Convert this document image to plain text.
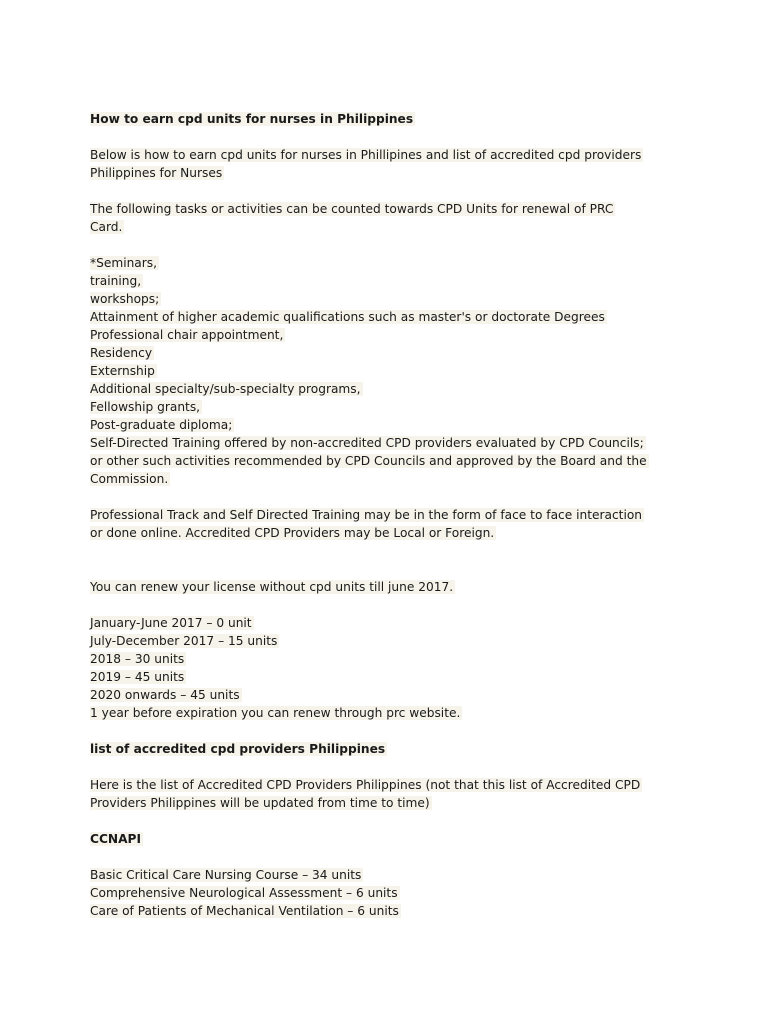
How to earn cpd units for nurses in Philippines
Below is how to earn cpd units for nurses in Phillipines and list of accredited cpd providers
Philippines for Nurses
The following tasks or activities can be counted towards CPD Units for renewal of PRC
Card.
*Seminars,
training,
workshops;
Attainment of higher academic qualifications such as master's or doctorate Degrees
Professional chair appointment,
Residency
Externship
Additional specialty/sub-specialty programs,
Fellowship grants,
Post-graduate diploma;
Self-Directed Training offered by non-accredited CPD providers evaluated by CPD Councils;
or other such activities recommended by CPD Councils and approved by the Board and the
Commission.
Professional Track and Self Directed Training may be in the form of face to face interaction
or done online. Accredited CPD Providers may be Local or Foreign.
You can renew your license without cpd units till june 2017.
January-June 2017 – 0 unit
July-December 2017 – 15 units
2018 – 30 units
2019 – 45 units
2020 onwards – 45 units
1 year before expiration you can renew through prc website.
list of accredited cpd providers Philippines
Here is the list of Accredited CPD Providers Philippines (not that this list of Accredited CPD
Providers Philippines will be updated from time to time)
CCNAPI
Basic Critical Care Nursing Course – 34 units
Comprehensive Neurological Assessment – 6 units
Care of Patients of Mechanical Ventilation – 6 units
